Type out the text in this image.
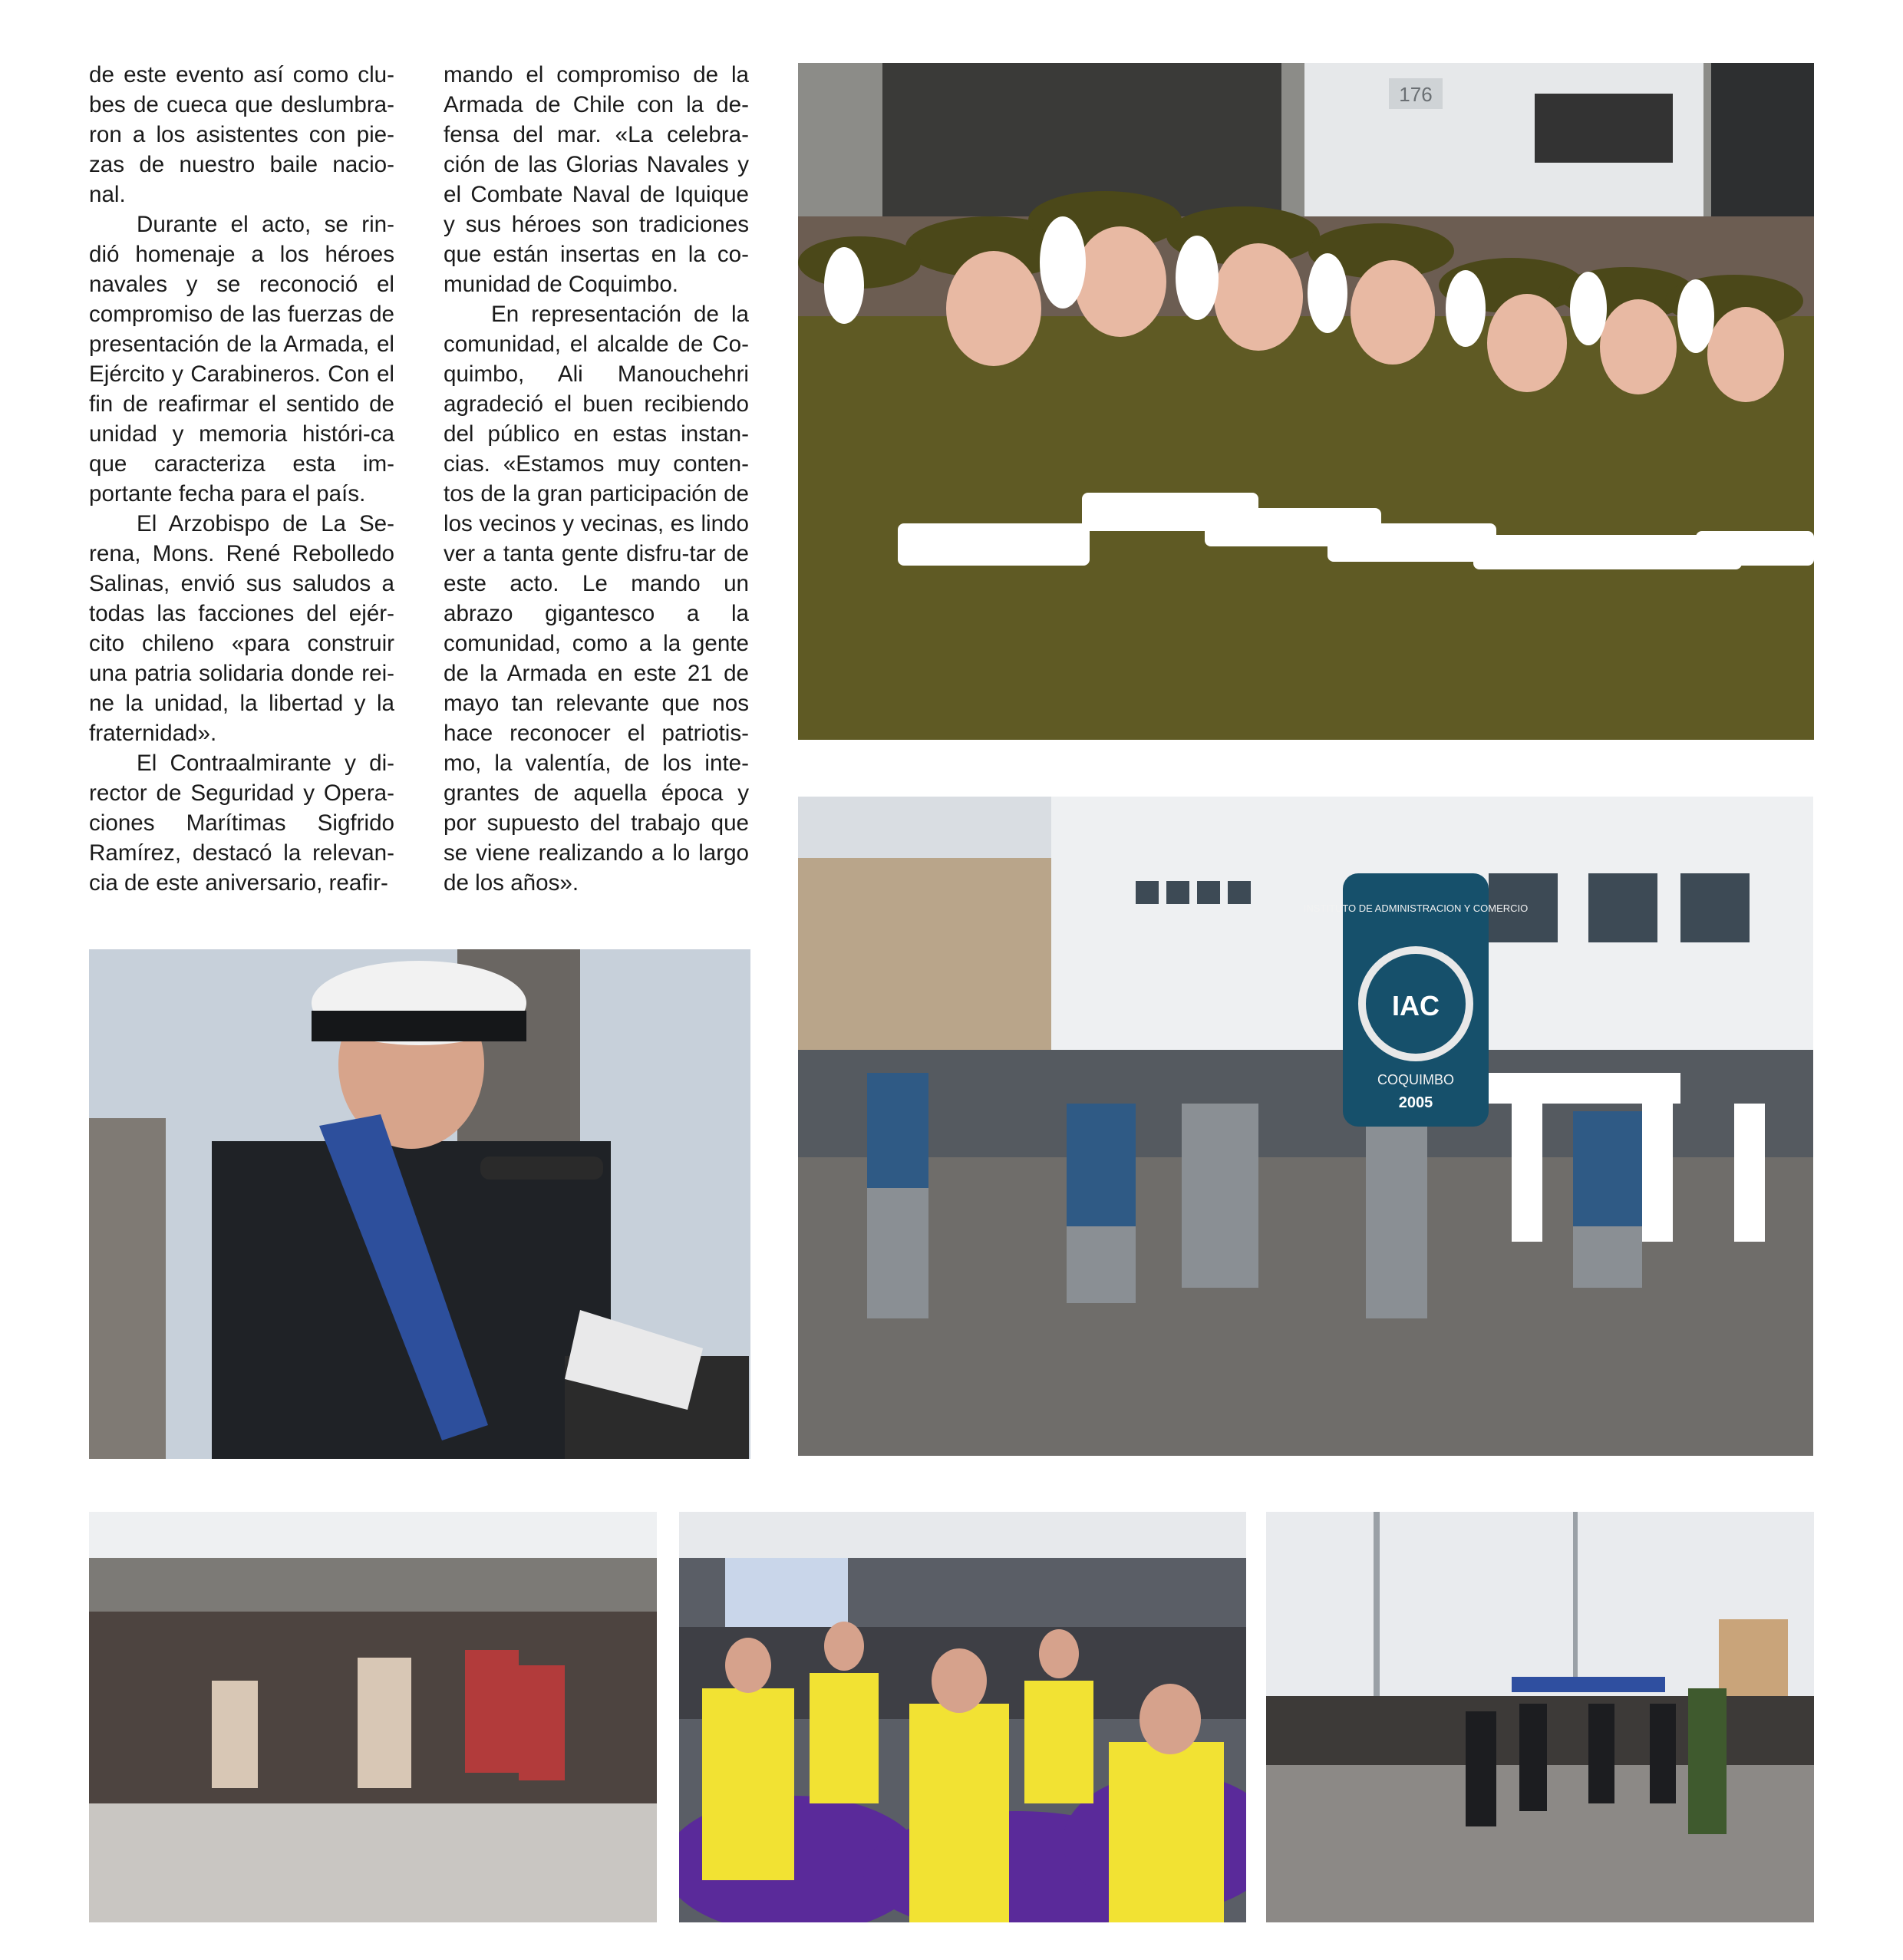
de este evento así como clu-bes de cueca que deslumbra-ron a los asistentes con pie-zas de nuestro baile nacio-nal.

Durante el acto, se rin-dió homenaje a los héroes navales y se reconoció el compromiso de las fuerzas de presentación de la Armada, el Ejército y Carabineros. Con el fin de reafirmar el sentido de unidad y memoria históri-ca que caracteriza esta im-portante fecha para el país.

El Arzobispo de La Se-rena, Mons. René Rebolledo Salinas, envió sus saludos a todas las facciones del ejér-cito chileno «para construir una patria solidaria donde rei-ne la unidad, la libertad y la fraternidad».

El Contraalmirante y di-rector de Seguridad y Opera-ciones Marítimas Sigfrido Ramírez, destacó la relevan-cia de este aniversario, reafir-

mando el compromiso de la Armada de Chile con la de-fensa del mar. «La celebra-ción de las Glorias Navales y el Combate Naval de Iquique y sus héroes son tradiciones que están insertas en la co-munidad de Coquimbo.

En representación de la comunidad, el alcalde de Co-quimbo, Ali Manouchehri agradeció el buen recibiendo del público en estas instan-cias. «Estamos muy conten-tos de la gran participación de los vecinos y vecinas, es lindo ver a tanta gente disfru-tar de este acto. Le mando un abrazo gigantesco a la comunidad, como a la gente de la Armada en este 21 de mayo tan relevante que nos hace reconocer el patriotis-mo, la valentía, de los inte-grantes de aquella época y por supuesto del trabajo que se viene realizando a lo largo de los años».

176
INSTITUTO DE ADMINISTRACION Y COMERCIO
IAC
COQUIMBO
2005
